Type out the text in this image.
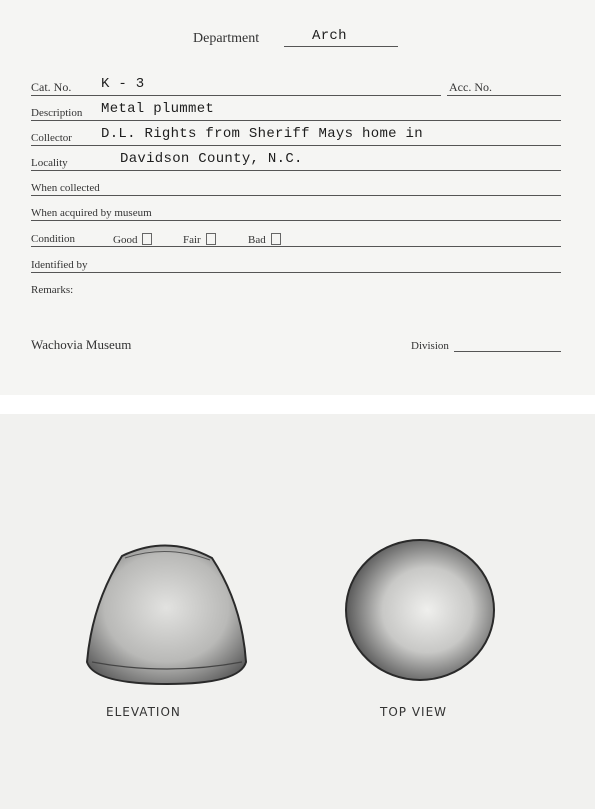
Department	Arch
Cat. No. K - 3	Acc. No.
Description Metal plummet
Collector D.L. Rights from Sheriff Mays home in
Locality	Davidson County, N.C.
When collected
When acquired by museum
Condition	Good	Fair	Bad
Identified by
Remarks:
Wachovia Museum	Division
ELEVATION	TOP VIEW
